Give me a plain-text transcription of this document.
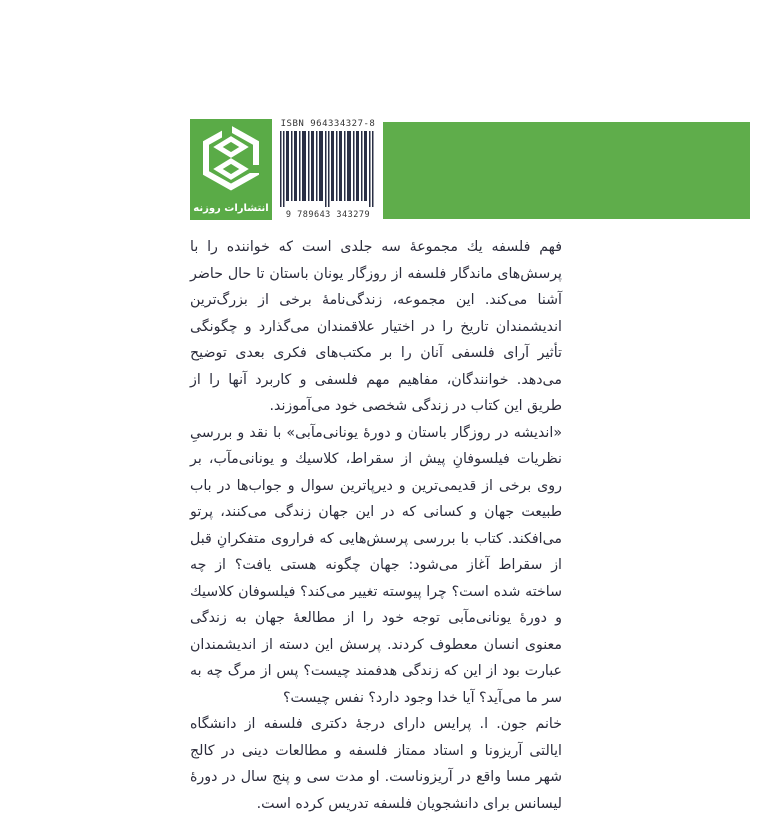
انتشارات روزنه
ISBN 964334327-8
9 789643 343279

فهم فلسفه یك مجموعهٔ سه جلدی است که خواننده را با پرسش‌های ماندگار فلسفه از روزگار یونان باستان تا حال حاضر آشنا می‌کند. این مجموعه، زندگی‌نامهٔ برخی از بزرگ‌ترین اندیشمندان تاریخ را در اختیار علاقمندان می‌گذارد و چگونگی تأثیر آرای فلسفی آنان را بر مکتب‌های فکری بعدی توضیح می‌دهد. خوانندگان، مفاهیم مهم فلسفی و کاربرد آنها را از طریق این کتاب در زندگی شخصی خود می‌آموزند.

«اندیشه در روزگار باستان و دورهٔ یونانی‌مآبی» با نقد و بررسیِ نظریات فیلسوفانِ پیش از سقراط، کلاسیك و یونانی‌مآب، بر روی برخی از قدیمی‌ترین و دیرپاترین سوال و جواب‌ها در باب طبیعت جهان و کسانی که در این جهان زندگی می‌کنند، پرتو می‌افکند. کتاب با بررسی پرسش‌هایی که فراروی متفکرانِ قبل از سقراط آغاز می‌شود: جهان چگونه هستی یافت؟ از چه ساخته شده است؟ چرا پیوسته تغییر می‌کند؟ فیلسوفان کلاسیك و دورهٔ یونانی‌مآبی توجه خود را از مطالعهٔ جهان به زندگی معنوی انسان معطوف کردند. پرسش این دسته از اندیشمندان عبارت بود از این که زندگی هدفمند چیست؟ پس از مرگ چه به سر ما می‌آید؟ آیا خدا وجود دارد؟ نفس چیست؟

خانم جون. ا. پرایس دارای درجهٔ دکتری فلسفه از دانشگاه ایالتی آریزونا و استاد ممتاز فلسفه و مطالعات دینی در کالج شهر مسا واقع در آریزوناست. او مدت سی و پنج سال در دورهٔ لیسانس برای دانشجویان فلسفه تدریس کرده است.
